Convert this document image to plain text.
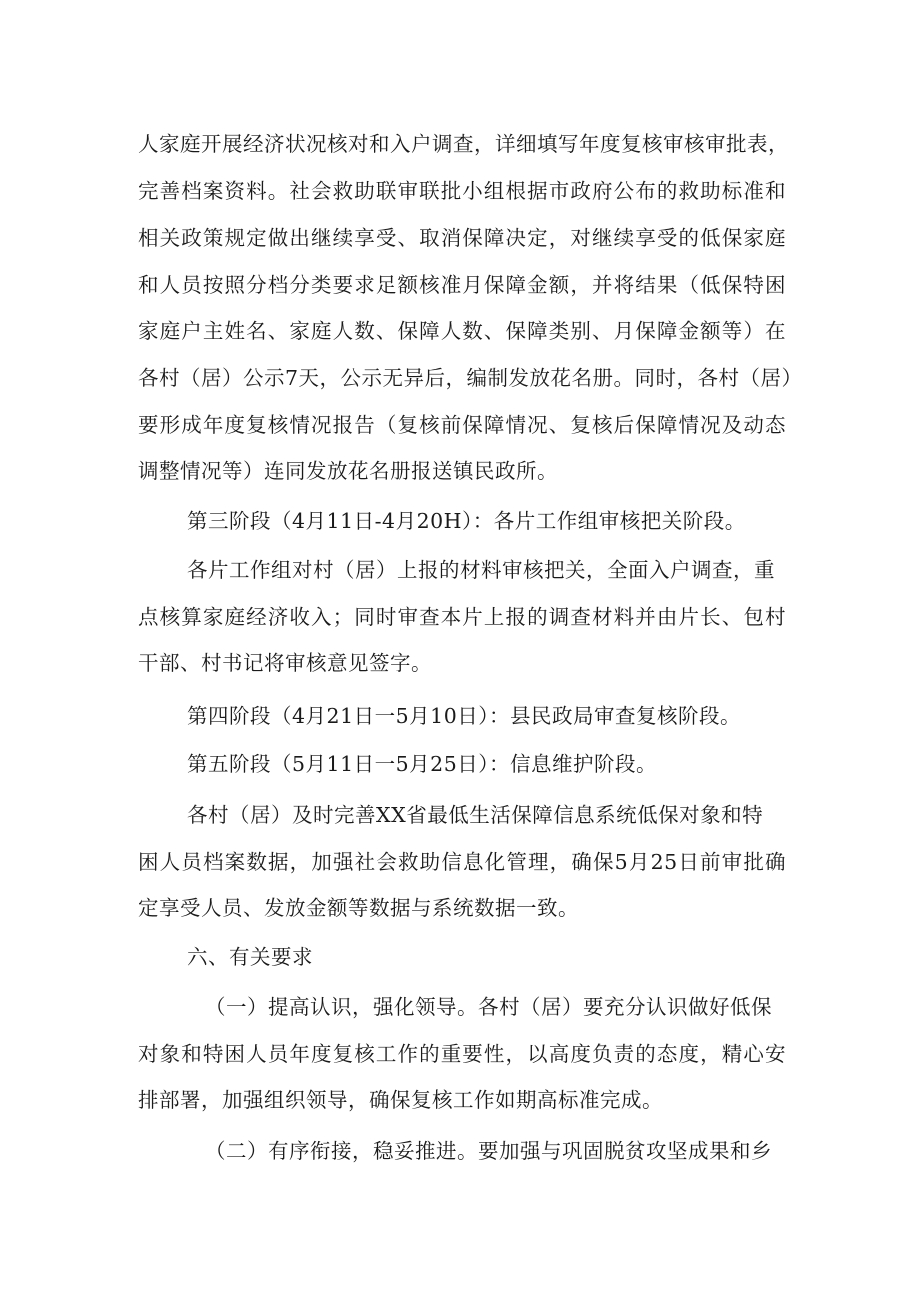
人家庭开展经济状况核对和入户调查，详细填写年度复核审核审批表，
完善档案资料。社会救助联审联批小组根据市政府公布的救助标准和
相关政策规定做出继续享受、取消保障决定，对继续享受的低保家庭
和人员按照分档分类要求足额核准月保障金额，并将结果（低保特困
家庭户主姓名、家庭人数、保障人数、保障类别、月保障金额等）在
各村（居）公示7天，公示无异后，编制发放花名册。同时，各村（居）
要形成年度复核情况报告（复核前保障情况、复核后保障情况及动态
调整情况等）连同发放花名册报送镇民政所。
第三阶段（4月11日-4月20H）：各片工作组审核把关阶段。
各片工作组对村（居）上报的材料审核把关，全面入户调查，重
点核算家庭经济收入；同时审查本片上报的调查材料并由片长、包村
干部、村书记将审核意见签字。
第四阶段（4月21日一5月10日）：县民政局审查复核阶段。
第五阶段（5月11日一5月25日）：信息维护阶段。
各村（居）及时完善XX省最低生活保障信息系统低保对象和特
困人员档案数据，加强社会救助信息化管理，确保5月25日前审批确
定享受人员、发放金额等数据与系统数据一致。
六、有关要求
（一）提高认识，强化领导。各村（居）要充分认识做好低保
对象和特困人员年度复核工作的重要性，以高度负责的态度，精心安
排部署，加强组织领导，确保复核工作如期高标准完成。
（二）有序衔接，稳妥推进。要加强与巩固脱贫攻坚成果和乡
